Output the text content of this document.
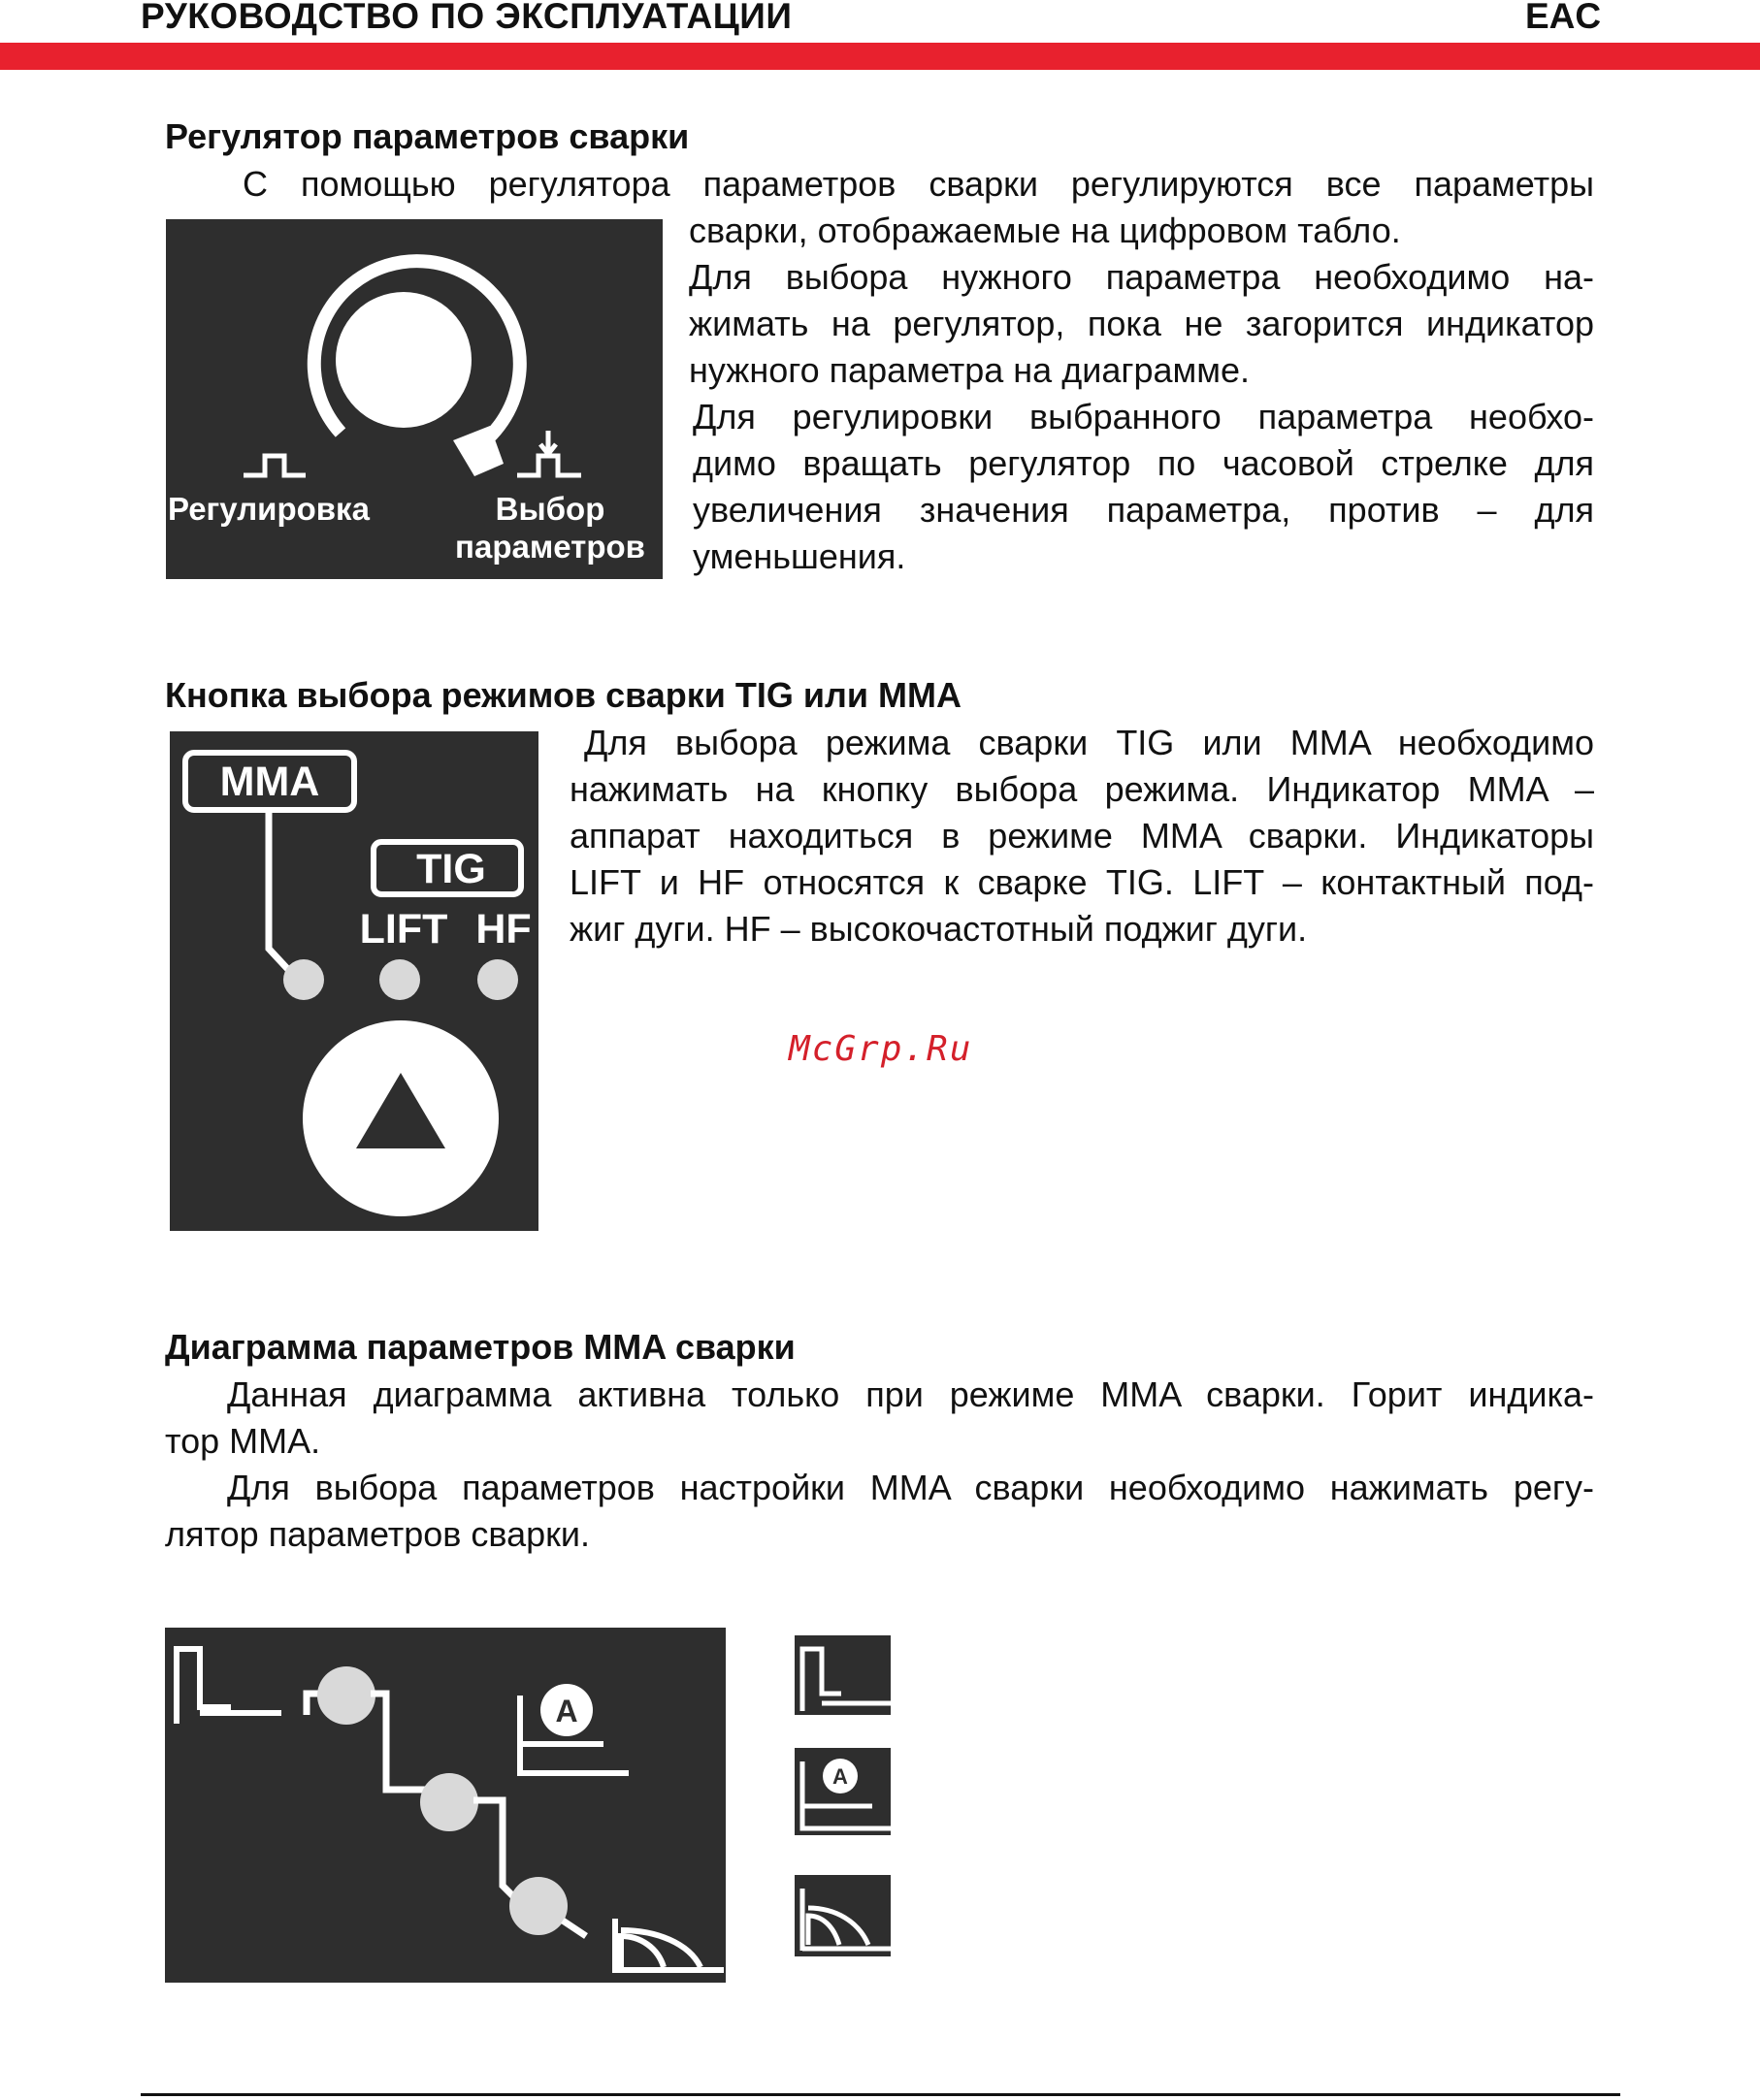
РУКОВОДСТВО ПО ЭКСПЛУАТАЦИИ	EAC
Регулятор параметров сварки
С помощью регулятора параметров сварки регулируются все параметры
сварки, отображаемые на цифровом табло.
Для выбора нужного параметра необходимо на-
жимать на регулятор, пока не загорится индикатор
нужного параметра на диаграмме.
Для регулировки выбранного параметра необхо-
димо вращать регулятор по часовой стрелке для
увеличения значения параметра, против – для
уменьшения.
Регулировка	Выбор
параметров
Кнопка выбора режимов сварки TIG или MMA
Для выбора режима сварки TIG или MMA необходимо
нажимать на кнопку выбора режима. Индикатор MMA –
аппарат находиться в режиме MMA сварки. Индикаторы
LIFT и HF относятся к сварке TIG. LIFT – контактный под-
жиг дуги. HF – высокочастотный поджиг дуги.
MMA
TIG
LIFT HF
McGrp.Ru
Диаграмма параметров MMA сварки
Данная диаграмма активна только при режиме MMA сварки. Горит индика-
тор MMA.
Для выбора параметров настройки MMA сварки необходимо нажимать регу-
лятор параметров сварки.
A
A
